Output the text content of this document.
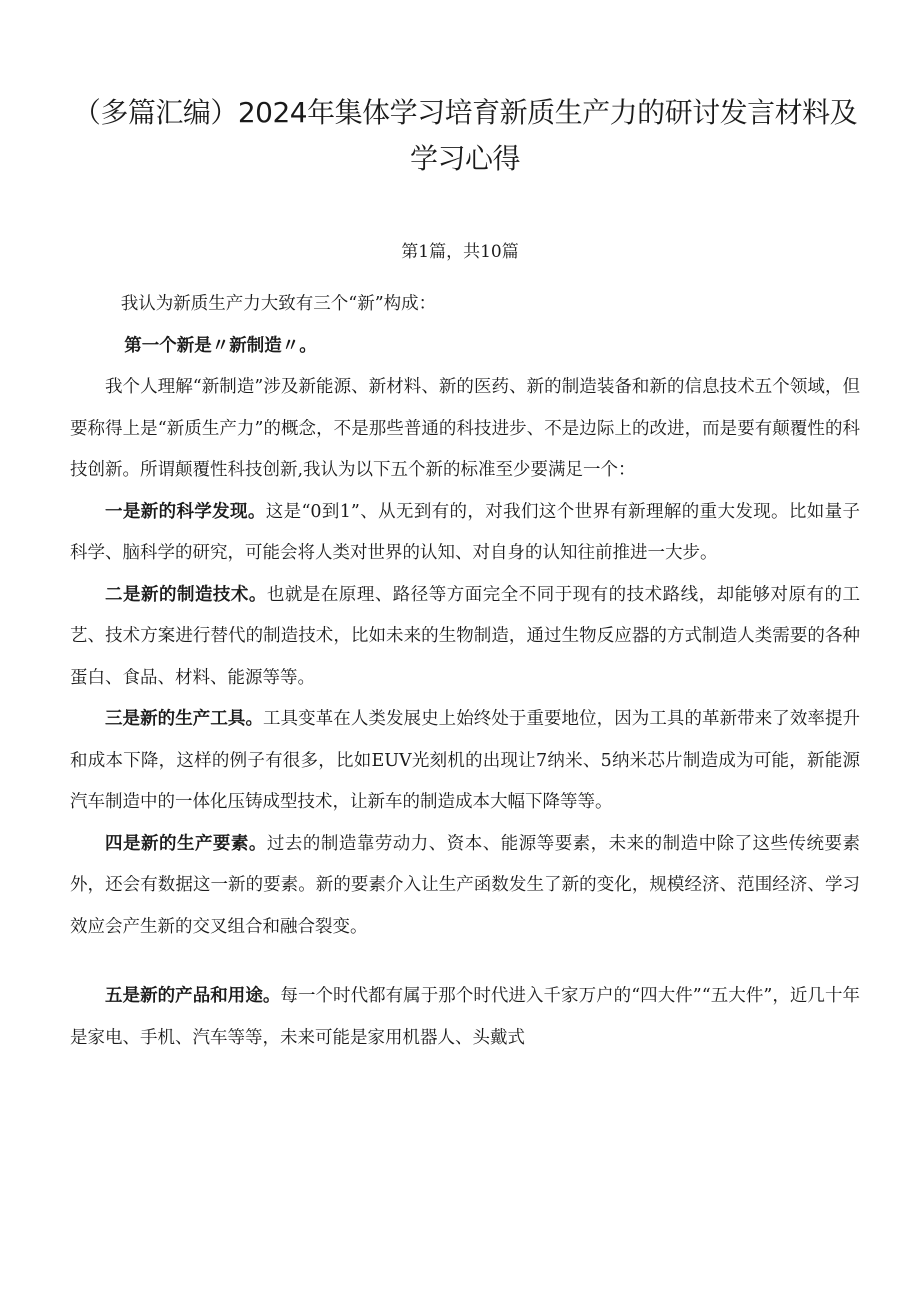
（多篇汇编）2024年集体学习培育新质生产力的研讨发言材料及学习心得
第1篇，共10篇

我认为新质生产力大致有三个“新”构成：

第一个新是〃新制造〃。

我个人理解“新制造”涉及新能源、新材料、新的医药、新的制造装备和新的信息技术五个领域，但要称得上是“新质生产力”的概念，不是那些普通的科技进步、不是边际上的改进，而是要有颠覆性的科技创新。所谓颠覆性科技创新,我认为以下五个新的标准至少要满足一个：

一是新的科学发现。这是“0到1”、从无到有的，对我们这个世界有新理解的重大发现。比如量子科学、脑科学的研究，可能会将人类对世界的认知、对自身的认知往前推进一大步。

二是新的制造技术。也就是在原理、路径等方面完全不同于现有的技术路线，却能够对原有的工艺、技术方案进行替代的制造技术，比如未来的生物制造，通过生物反应器的方式制造人类需要的各种蛋白、食品、材料、能源等等。

三是新的生产工具。工具变革在人类发展史上始终处于重要地位，因为工具的革新带来了效率提升和成本下降，这样的例子有很多，比如EUV光刻机的出现让7纳米、5纳米芯片制造成为可能，新能源汽车制造中的一体化压铸成型技术，让新车的制造成本大幅下降等等。

四是新的生产要素。过去的制造靠劳动力、资本、能源等要素，未来的制造中除了这些传统要素外，还会有数据这一新的要素。新的要素介入让生产函数发生了新的变化，规模经济、范围经济、学习效应会产生新的交叉组合和融合裂变。

五是新的产品和用途。每一个时代都有属于那个时代进入千家万户的“四大件”“五大件”，近几十年是家电、手机、汽车等等，未来可能是家用机器人、头戴式
